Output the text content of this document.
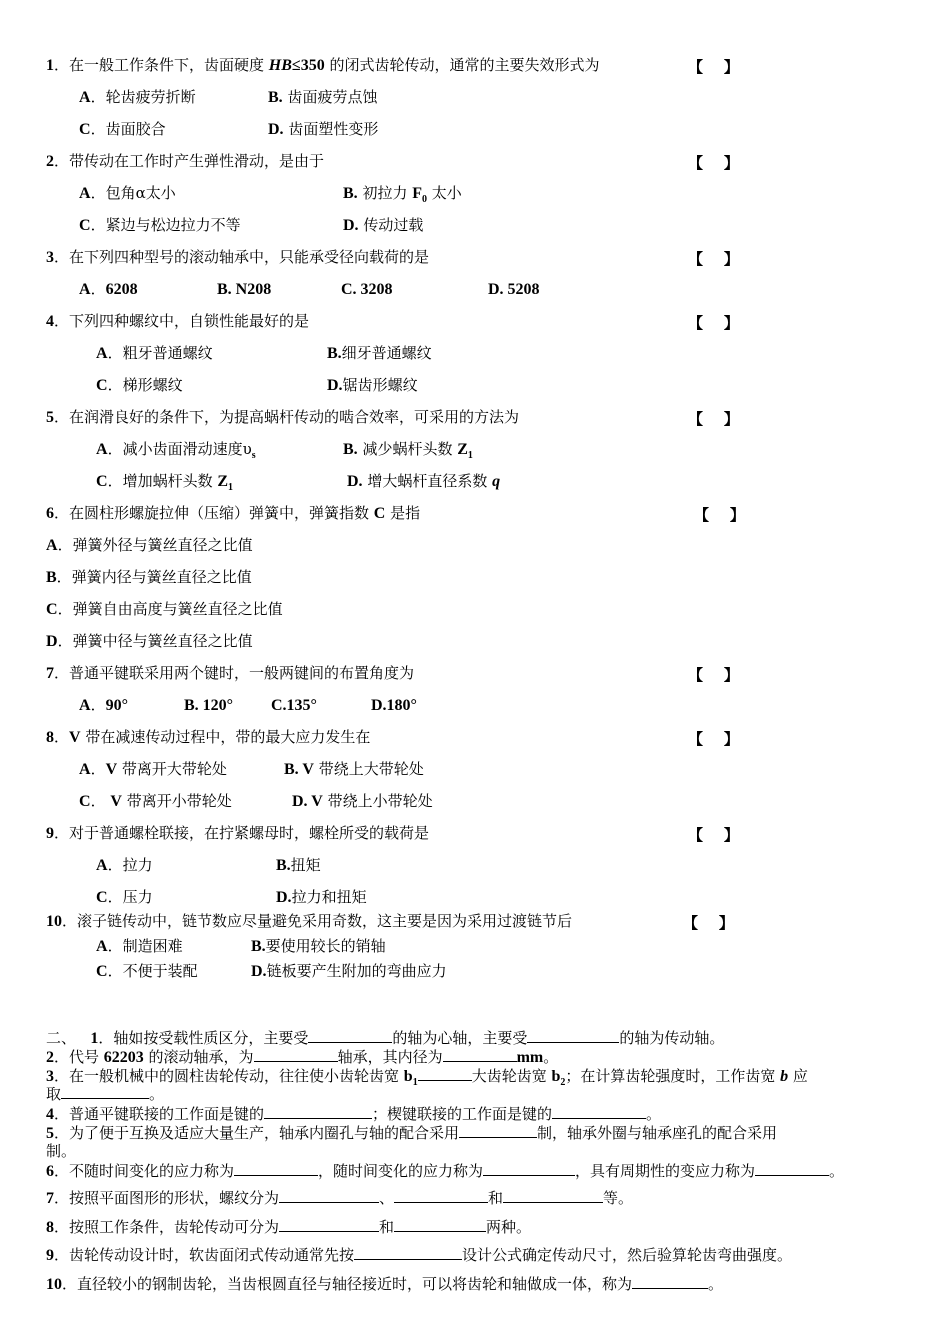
1．在一般工作条件下，齿面硬度 HB≤350 的闭式齿轮传动，通常的主要失效形式为	【    】
A．轮齿疲劳折断	B. 齿面疲劳点蚀
C．齿面胶合	D. 齿面塑性变形
2．带传动在工作时产生弹性滑动，是由于	【    】
A．包角α太小	B. 初拉力 $F_0$ 太小
C．紧边与松边拉力不等	D. 传动过载
3．在下列四种型号的滚动轴承中，只能承受径向载荷的是	【    】
A．6208	B. N208	C. 3208	D. 5208
4．下列四种螺纹中，自锁性能最好的是	【    】
A．粗牙普通螺纹	B.细牙普通螺纹
C．梯形螺纹	D.锯齿形螺纹
5．在润滑良好的条件下，为提高蜗杆传动的啮合效率，可采用的方法为	【    】
A．减小齿面滑动速度$\upsilon_s$	B. 减少蜗杆头数 $Z_1$
C．增加蜗杆头数 $Z_1$	D. 增大蜗杆直径系数 q
6．在圆柱形螺旋拉伸（压缩）弹簧中，弹簧指数 C 是指	【    】
A．弹簧外径与簧丝直径之比值
B．弹簧内径与簧丝直径之比值
C．弹簧自由高度与簧丝直径之比值
D．弹簧中径与簧丝直径之比值
7．普通平键联采用两个键时，一般两键间的布置角度为	【    】
A．90°	B. 120° C.135°	D.180°
8．V 带在减速传动过程中，带的最大应力发生在	【    】
A．V 带离开大带轮处	B. V 带绕上大带轮处
C． V 带离开小带轮处	D. V 带绕上小带轮处
9．对于普通螺栓联接，在拧紧螺母时，螺栓所受的载荷是	【    】
A．拉力	B.扭矩
C．压力	D.拉力和扭矩
10．滚子链传动中，链节数应尽量避免采用奇数，这主要是因为采用过渡链节后	【    】
A．制造困难	B.要使用较长的销轴
C．不便于装配	D.链板要产生附加的弯曲应力
二、 1．轴如按受载性质区分，主要受	的轴为心轴，主要受	的轴为传动轴。
2．代号 62203 的滚动轴承，为	轴承，其内径为	mm。
3．在一般机械中的圆柱齿轮传动，往往使小齿轮齿宽 $b_1$	大齿轮齿宽 $b_2$；在计算齿轮强度时，工作齿宽 b 应
取	。
4．普通平键联接的工作面是键的	；楔键联接的工作面是键的	。
5．为了便于互换及适应大量生产，轴承内圈孔与轴的配合采用	制，轴承外圈与轴承座孔的配合采用
制。
6．不随时间变化的应力称为	，随时间变化的应力称为	，具有周期性的变应力称为	。
7．按照平面图形的形状，螺纹分为	、	和	等。
8．按照工作条件，齿轮传动可分为	和	两种。
9．齿轮传动设计时，软齿面闭式传动通常先按	设计公式确定传动尺寸，然后验算轮齿弯曲强度。
10．直径较小的钢制齿轮，当齿根圆直径与轴径接近时，可以将齿轮和轴做成一体，称为	。
